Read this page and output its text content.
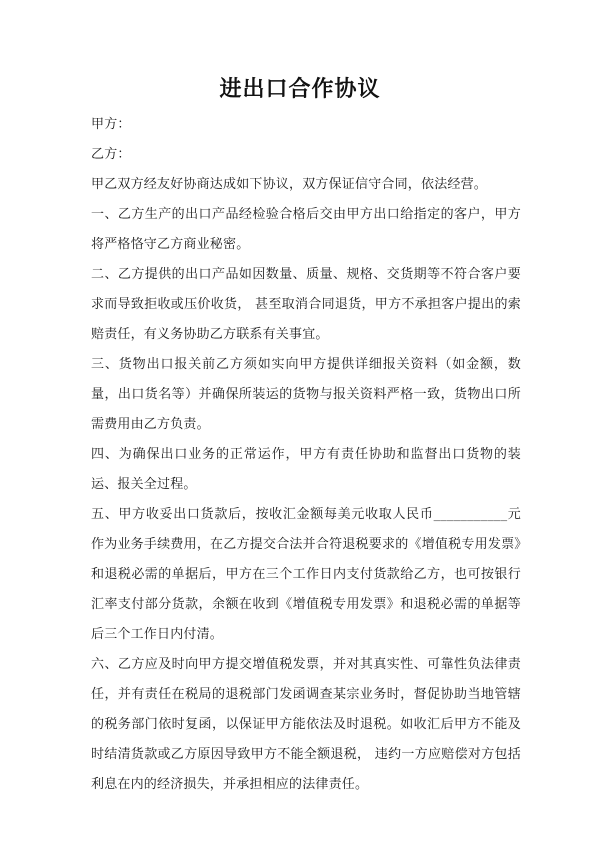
进出口合作协议

甲方：

乙方：

甲乙双方经友好协商达成如下协议，双方保证信守合同，依法经营。

一、乙方生产的出口产品经检验合格后交由甲方出口给指定的客户，甲方将严格恪守乙方商业秘密。

二、乙方提供的出口产品如因数量、质量、规格、交货期等不符合客户要求而导致拒收或压价收货， 甚至取消合同退货，甲方不承担客户提出的索赔责任，有义务协助乙方联系有关事宜。

三、货物出口报关前乙方须如实向甲方提供详细报关资料（如金额，数量，出口货名等）并确保所装运的货物与报关资料严格一致，货物出口所需费用由乙方负责。

四、为确保出口业务的正常运作，甲方有责任协助和监督出口货物的装运、报关全过程。

五、甲方收妥出口货款后，按收汇金额每美元收取人民币___________元作为业务手续费用，在乙方提交合法并合符退税要求的《增值税专用发票》和退税必需的单据后，甲方在三个工作日内支付货款给乙方，也可按银行汇率支付部分货款，余额在收到《增值税专用发票》和退税必需的单据等后三个工作日内付清。

六、乙方应及时向甲方提交增值税发票，并对其真实性、可靠性负法律责任，并有责任在税局的退税部门发函调查某宗业务时，督促协助当地管辖的税务部门依时复函，以保证甲方能依法及时退税。如收汇后甲方不能及时结清货款或乙方原因导致甲方不能全额退税， 违约一方应赔偿对方包括利息在内的经济损失，并承担相应的法律责任。
